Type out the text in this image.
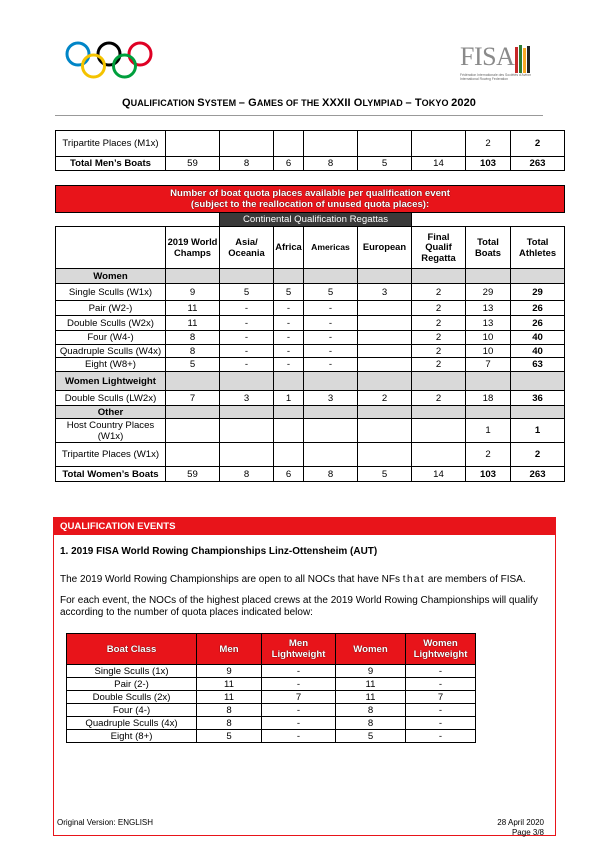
FISA
Fédération Internationale des Sociétés d'Aviron
International Rowing Federation
QUALIFICATION SYSTEM – GAMES OF THE XXXII OLYMPIAD – TOKYO 2020
Tripartite Places (M1x)							2	2
Total Men’s Boats	59	8	6	8	5	14	103	263
Number of boat quota places available per qualification event
(subject to the reallocation of unused quota places):								

		Continental Qualification Regattas						
	2019 World Champs	Asia/ Oceania	Africa	Americas	European	Final Qualif Regatta	Total Boats	Total Athletes
Women								
Single Sculls (W1x)	9	5	5	5	3	2	29	29
Pair (W2-)	11	-	-	-		2	13	26
Double Sculls (W2x)	11	-	-	-		2	13	26
Four (W4-)	8	-	-	-		2	10	40
Quadruple Sculls (W4x)	8	-	-	-		2	10	40
Eight (W8+)	5	-	-	-		2	7	63
Women Lightweight								
Double Sculls (LW2x)	7	3	1	3	2	2	18	36
Other								
Host Country Places (W1x)							1	1
Tripartite Places (W1x)							2	2
Total Women’s Boats	59	8	6	8	5	14	103	263
QUALIFICATION EVENTS
1. 2019 FISA World Rowing Championships Linz-Ottensheim (AUT)
The 2019 World Rowing Championships are open to all NOCs that have NFs that are members of FISA.
For each event, the NOCs of the highest placed crews at the 2019 World Rowing Championships will qualify according to the number of quota places indicated below:
Boat Class	Men	Men Lightweight	Women	Women Lightweight
Single Sculls (1x)	9	-	9	-
Pair (2-)	11	-	11	-
Double Sculls (2x)	11	7	11	7
Four (4-)	8	-	8	-
Quadruple Sculls (4x)	8	-	8	-
Eight (8+)	5	-	5	-
Original Version: ENGLISH	28 April 2020
Page 3/8
